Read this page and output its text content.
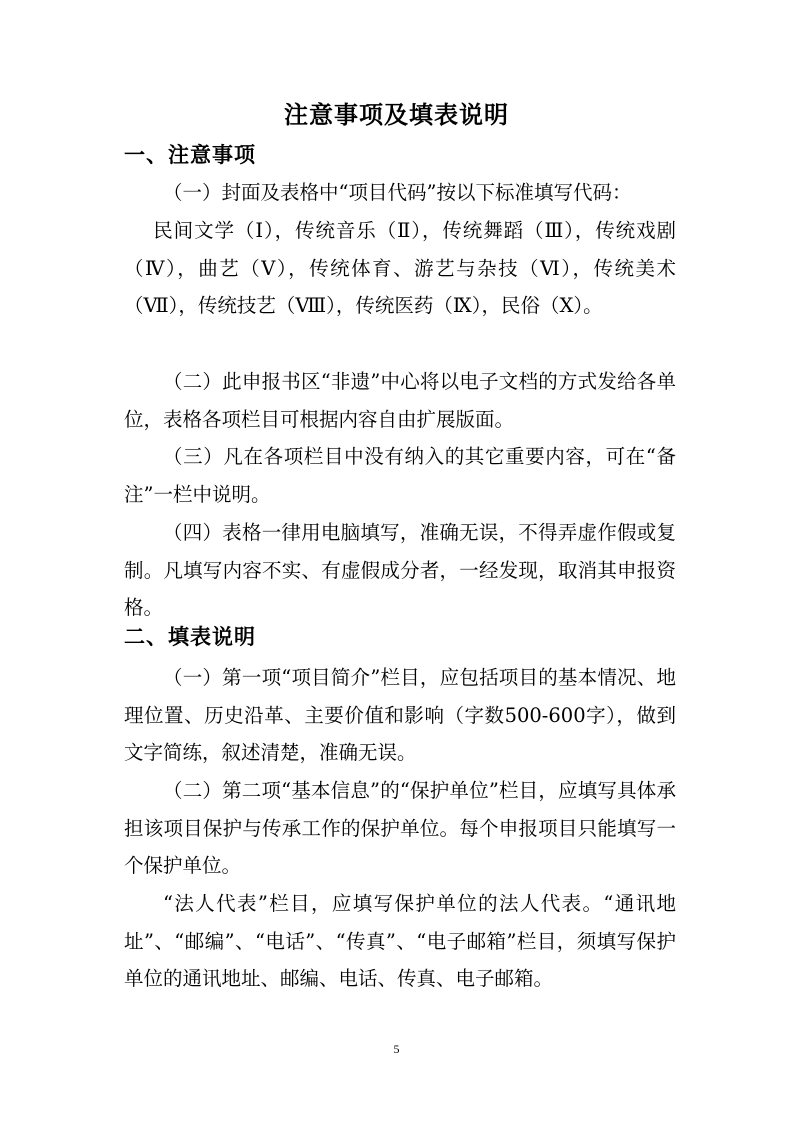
注意事项及填表说明
一、注意事项

（一）封面及表格中“项目代码”按以下标准填写代码：

民间文学（Ⅰ），传统音乐（Ⅱ），传统舞蹈（Ⅲ），传统戏剧（Ⅳ），曲艺（Ⅴ），传统体育、游艺与杂技（Ⅵ），传统美术（Ⅶ），传统技艺（Ⅷ），传统医药（Ⅸ），民俗（Ⅹ）。

（二）此申报书区“非遗”中心将以电子文档的方式发给各单位，表格各项栏目可根据内容自由扩展版面。

（三）凡在各项栏目中没有纳入的其它重要内容，可在“备注”一栏中说明。

（四）表格一律用电脑填写，准确无误，不得弄虚作假或复制。凡填写内容不实、有虚假成分者，一经发现，取消其申报资格。

二、填表说明

（一）第一项“项目简介”栏目，应包括项目的基本情况、地理位置、历史沿革、主要价值和影响（字数500-600字），做到文字简练，叙述清楚，准确无误。

（二）第二项“基本信息”的“保护单位”栏目，应填写具体承担该项目保护与传承工作的保护单位。每个申报项目只能填写一个保护单位。

“法人代表”栏目，应填写保护单位的法人代表。“通讯地址”、“邮编”、“电话”、“传真”、“电子邮箱”栏目，须填写保护单位的通讯地址、邮编、电话、传真、电子邮箱。

5
